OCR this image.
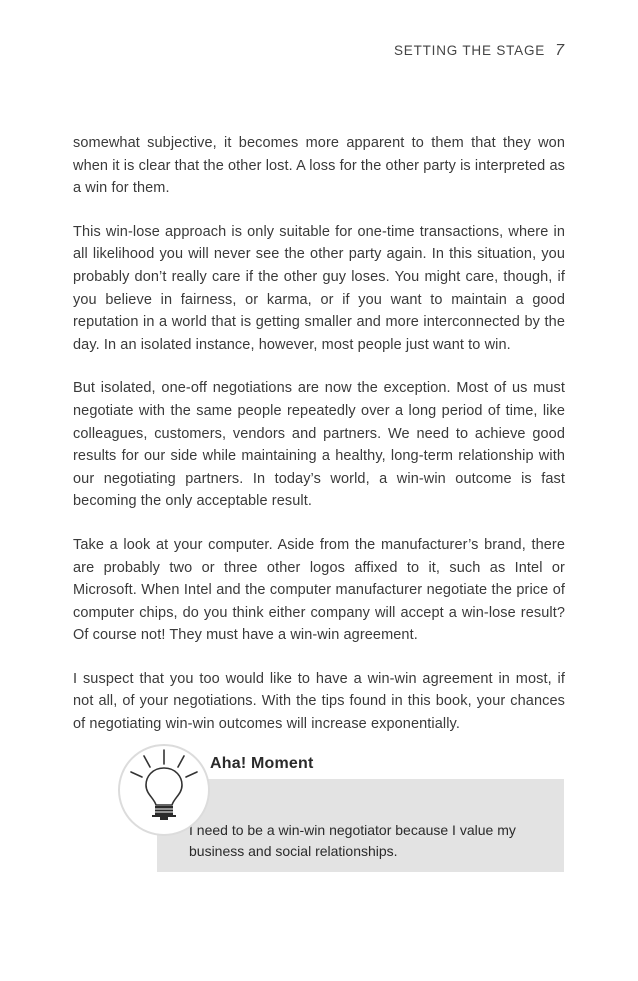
SETTING THE STAGE 7

somewhat subjective, it becomes more apparent to them that they won when it is clear that the other lost. A loss for the other party is interpreted as a win for them.

This win-lose approach is only suitable for one-time transactions, where in all likelihood you will never see the other party again. In this situation, you probably don’t really care if the other guy loses. You might care, though, if you believe in fairness, or karma, or if you want to maintain a good reputation in a world that is getting smaller and more interconnected by the day. In an isolated instance, however, most people just want to win.

But isolated, one-off negotiations are now the exception. Most of us must negotiate with the same people repeatedly over a long period of time, like colleagues, customers, vendors and partners. We need to achieve good results for our side while maintaining a healthy, long-term relationship with our negotiating partners. In today’s world, a win-win outcome is fast becoming the only acceptable result.

Take a look at your computer. Aside from the manufacturer’s brand, there are probably two or three other logos affixed to it, such as Intel or Microsoft. When Intel and the computer manufacturer negotiate the price of computer chips, do you think either company will accept a win-lose result? Of course not! They must have a win-win agreement.

I suspect that you too would like to have a win-win agreement in most, if not all, of your negotiations. With the tips found in this book, your chances of negotiating win-win outcomes will increase exponentially.

Aha! Moment
I need to be a win-win negotiator because I value my business and social relationships.
